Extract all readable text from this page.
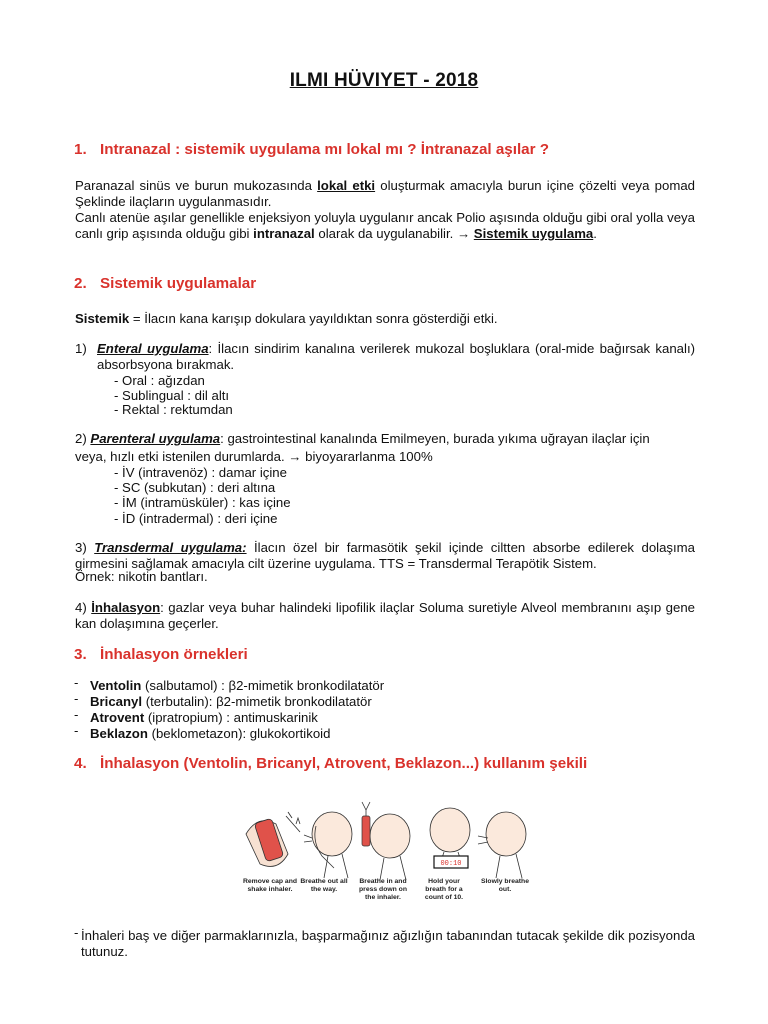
ILMI HÜVIYET - 2018
1. Intranazal : sistemik uygulama mı lokal mı ? İntranazal aşılar ?
Paranazal sinüs ve burun mukozasında lokal etki oluşturmak amacıyla burun içine çözelti veya pomad Şeklinde ilaçların uygulanmasıdır.
Canlı atenüe aşılar genellikle enjeksiyon yoluyla uygulanır ancak Polio aşısında olduğu gibi oral yolla veya canlı grip aşısında olduğu gibi intranazal olarak da uygulanabilir. → Sistemik uygulama.
2. Sistemik uygulamalar
Sistemik = İlacın kana karışıp dokulara yayıldıktan sonra gösterdiği etki.
1) Enteral uygulama: İlacın sindirim kanalına verilerek mukozal boşluklara (oral-mide bağırsak kanalı) absorbsyona bırakmak.
- Oral : ağızdan
- Sublingual : dil altı
- Rektal : rektumdan
2) Parenteral uygulama: gastrointestinal kanalında Emilmeyen, burada yıkıma uğrayan ilaçlar için
veya, hızlı etki istenilen durumlarda. → biyoyararlanma 100%
- İV (intravenöz) : damar içine
- SC (subkutan) : deri altına
- İM (intramüsküler) : kas içine
- İD (intradermal) : deri içine
3) Transdermal uygulama: İlacın özel bir farmasötik şekil içinde ciltten absorbe edilerek dolaşıma girmesini sağlamak amacıyla cilt üzerine uygulama. TTS = Transdermal Terapötik Sistem.
Örnek: nikotin bantları.
4) İnhalasyon: gazlar veya buhar halindeki lipofilik ilaçlar Soluma suretiyle Alveol membranını aşıp gene kan dolaşımına geçerler.
3. İnhalasyon örnekleri
- Ventolin (salbutamol) : β2-mimetik bronkodilatatör
- Bricanyl (terbutalin): β2-mimetik bronkodilatatör
- Atrovent (ipratropium) : antimuskarinik
- Beklazon (beklometazon): glukokortikoid
4. İnhalasyon (Ventolin, Bricanyl, Atrovent, Beklazon...) kullanım şekili
00:10
Remove cap and shake inhaler.
Breathe out all the way.
Breathe in and press down on the inhaler.
Hold your breath for a count of 10.
Slowly breathe out.
- İnhaleri baş ve diğer parmaklarınızla, başparmağınız ağızlığın tabanından tutacak şekilde dik pozisyonda tutunuz.
